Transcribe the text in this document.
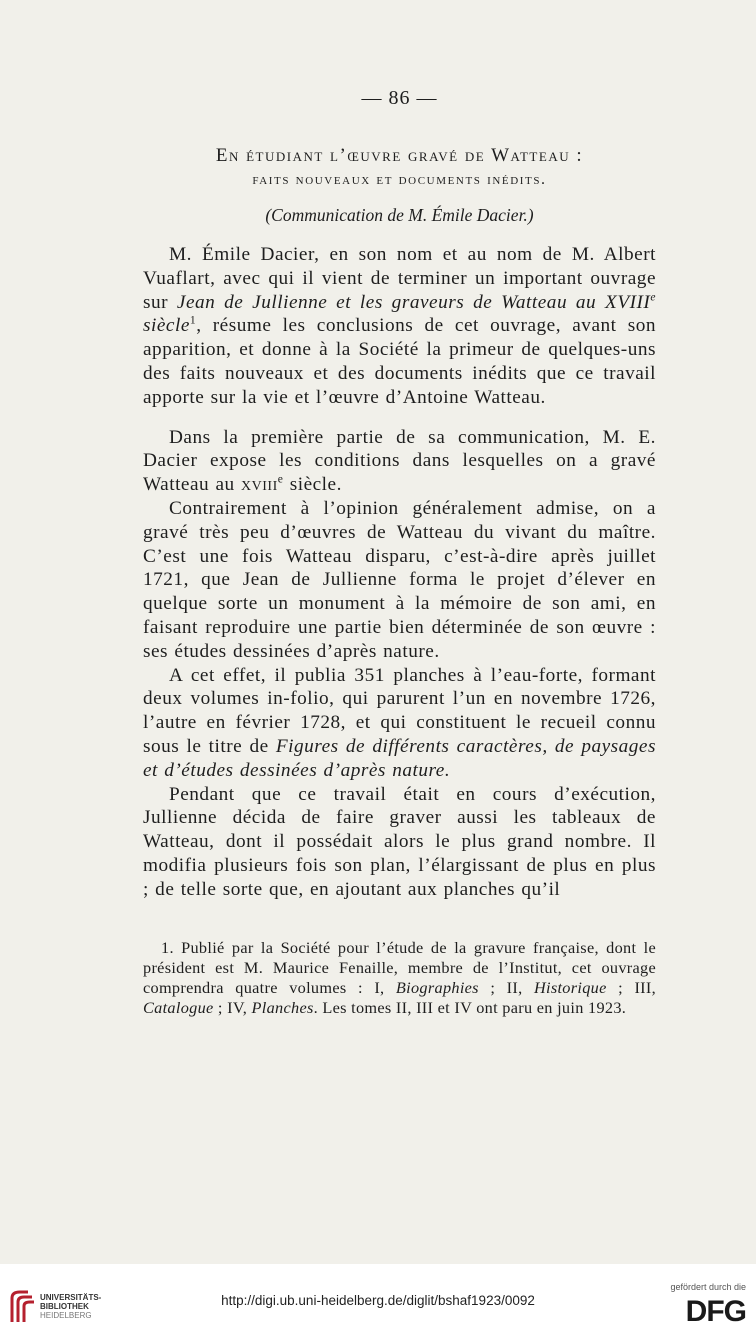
— 86 —
En étudiant l’œuvre gravé de Watteau :
faits nouveaux et documents inédits.
(Communication de M. Émile Dacier.)

M. Émile Dacier, en son nom et au nom de M. Albert Vuaflart, avec qui il vient de terminer un important ouvrage sur Jean de Jullienne et les graveurs de Watteau au XVIIIe siècle$^1$, résume les conclusions de cet ouvrage, avant son apparition, et donne à la Société la primeur de quelques-uns des faits nouveaux et des documents inédits que ce travail apporte sur la vie et l’œuvre d’Antoine Watteau.

Dans la première partie de sa communication, M. E. Dacier expose les conditions dans lesquelles on a gravé Watteau au xviii$^e$ siècle.

Contrairement à l’opinion généralement admise, on a gravé très peu d’œuvres de Watteau du vivant du maître. C’est une fois Watteau disparu, c’est-à-dire après juillet 1721, que Jean de Jullienne forma le projet d’élever en quelque sorte un monument à la mémoire de son ami, en faisant reproduire une partie bien déterminée de son œuvre : ses études dessinées d’après nature.

A cet effet, il publia 351 planches à l’eau-forte, formant deux volumes in-folio, qui parurent l’un en novembre 1726, l’autre en février 1728, et qui constituent le recueil connu sous le titre de Figures de différents caractères, de paysages et d’études dessinées d’après nature.

Pendant que ce travail était en cours d’exécution, Jullienne décida de faire graver aussi les tableaux de Watteau, dont il possédait alors le plus grand nombre. Il modifia plusieurs fois son plan, l’élargissant de plus en plus ; de telle sorte que, en ajoutant aux planches qu’il

1. Publié par la Société pour l’étude de la gravure française, dont le président est M. Maurice Fenaille, membre de l’Institut, cet ouvrage comprendra quatre volumes : I, Biographies ; II, Historique ; III, Catalogue ; IV, Planches. Les tomes II, III et IV ont paru en juin 1923.

UNIVERSITÄTS-
BIBLIOTHEK
HEIDELBERG
http://digi.ub.uni-heidelberg.de/diglit/bshaf1923/0092
gefördert durch die
DFG
